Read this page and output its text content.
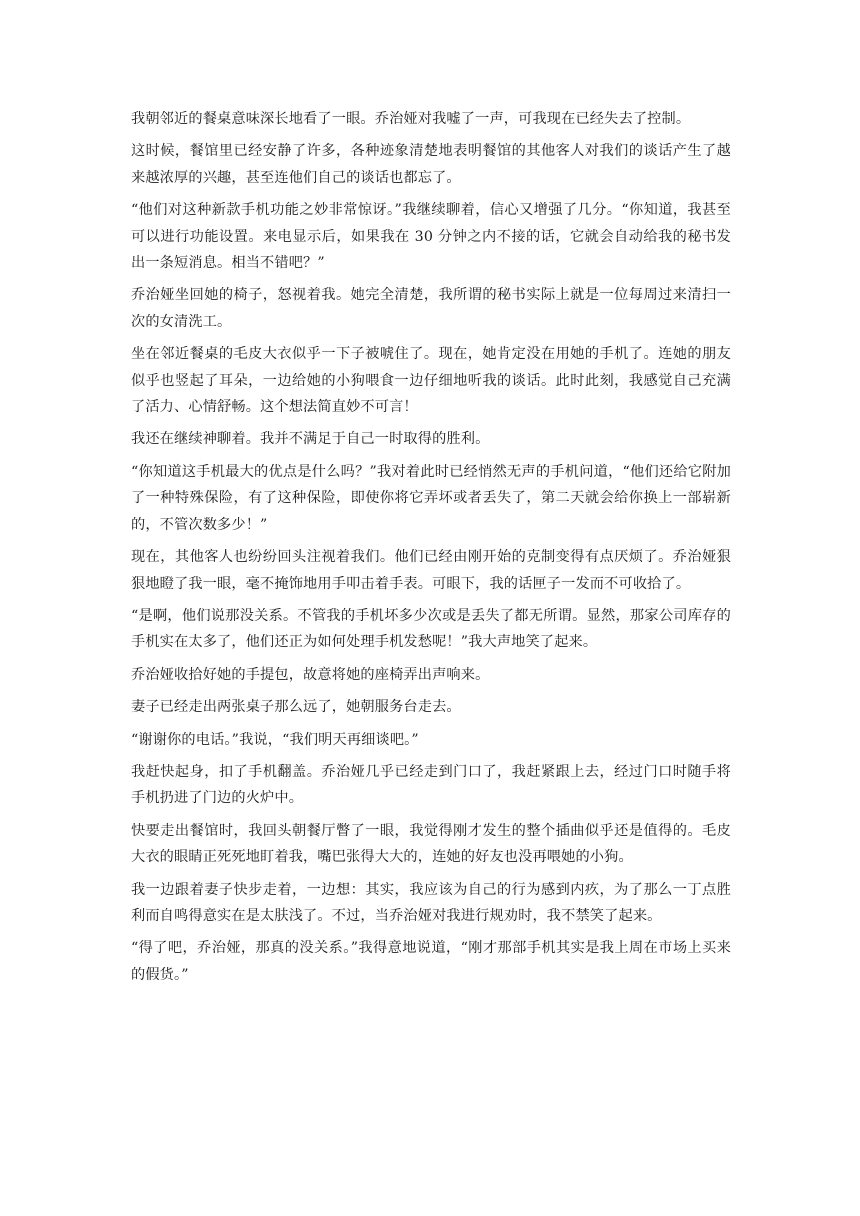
我朝邻近的餐桌意味深长地看了一眼。乔治娅对我嘘了一声，可我现在已经失去了控制。

这时候，餐馆里已经安静了许多，各种迹象清楚地表明餐馆的其他客人对我们的谈话产生了越来越浓厚的兴趣，甚至连他们自己的谈话也都忘了。

“他们对这种新款手机功能之妙非常惊讶。”我继续聊着，信心又增强了几分。“你知道，我甚至可以进行功能设置。来电显示后，如果我在 30 分钟之内不接的话，它就会自动给我的秘书发出一条短消息。相当不错吧？”

乔治娅坐回她的椅子，怒视着我。她完全清楚，我所谓的秘书实际上就是一位每周过来清扫一次的女清洗工。

坐在邻近餐桌的毛皮大衣似乎一下子被唬住了。现在，她肯定没在用她的手机了。连她的朋友似乎也竖起了耳朵，一边给她的小狗喂食一边仔细地听我的谈话。此时此刻，我感觉自己充满了活力、心情舒畅。这个想法简直妙不可言！

我还在继续神聊着。我并不满足于自己一时取得的胜利。

“你知道这手机最大的优点是什么吗？”我对着此时已经悄然无声的手机问道，“他们还给它附加了一种特殊保险，有了这种保险，即使你将它弄坏或者丢失了，第二天就会给你换上一部崭新的，不管次数多少！”

现在，其他客人也纷纷回头注视着我们。他们已经由刚开始的克制变得有点厌烦了。乔治娅狠狠地瞪了我一眼，毫不掩饰地用手叩击着手表。可眼下，我的话匣子一发而不可收拾了。

“是啊，他们说那没关系。不管我的手机坏多少次或是丢失了都无所谓。显然，那家公司库存的手机实在太多了，他们还正为如何处理手机发愁呢！”我大声地笑了起来。

乔治娅收拾好她的手提包，故意将她的座椅弄出声响来。

妻子已经走出两张桌子那么远了，她朝服务台走去。

“谢谢你的电话。”我说，“我们明天再细谈吧。”

我赶快起身，扣了手机翻盖。乔治娅几乎已经走到门口了，我赶紧跟上去，经过门口时随手将手机扔进了门边的火炉中。

快要走出餐馆时，我回头朝餐厅瞥了一眼，我觉得刚才发生的整个插曲似乎还是值得的。毛皮大衣的眼睛正死死地盯着我，嘴巴张得大大的，连她的好友也没再喂她的小狗。

我一边跟着妻子快步走着，一边想：其实，我应该为自己的行为感到内疚，为了那么一丁点胜利而自鸣得意实在是太肤浅了。不过，当乔治娅对我进行规劝时，我不禁笑了起来。

“得了吧，乔治娅，那真的没关系。”我得意地说道，“刚才那部手机其实是我上周在市场上买来的假货。”
